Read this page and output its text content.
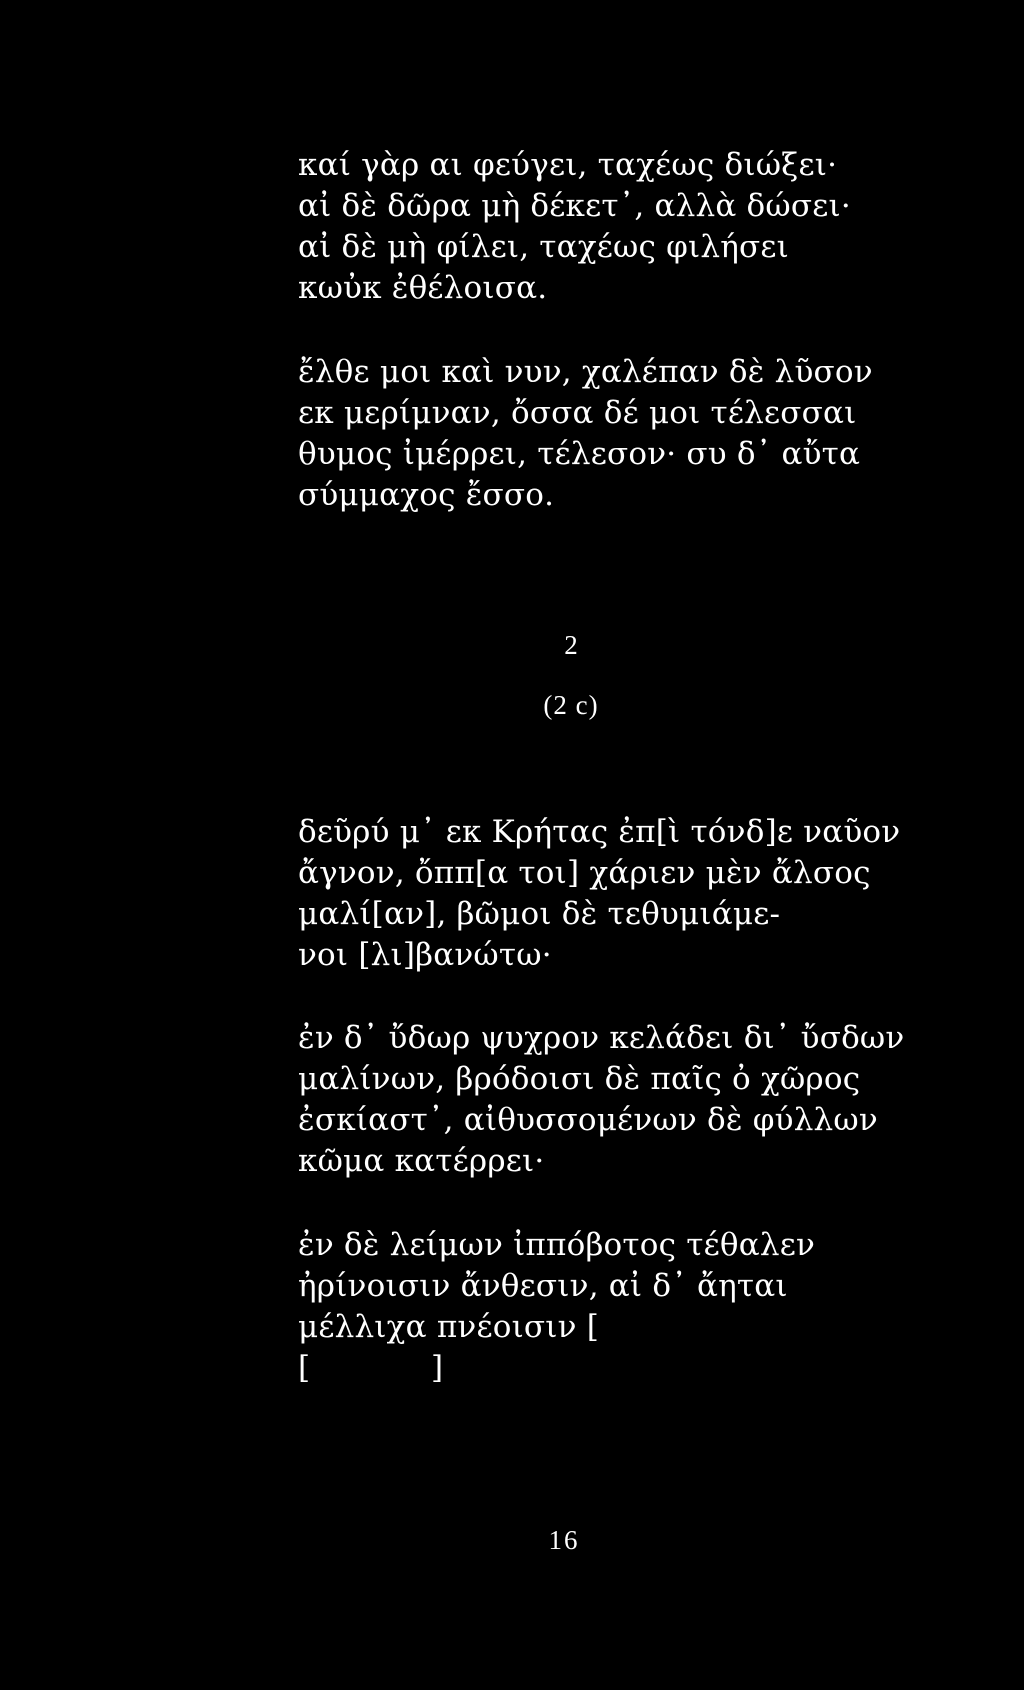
καί γὰρ αι φεύγει, ταχέως διώξει·
αἰ δὲ δῶρα μὴ δέκετ᾽, αλλὰ δώσει·
αἰ δὲ μὴ φίλει, ταχέως φιλήσει
κωὐκ ἐθέλοισα.
ἔλθε μοι καὶ νυν, χαλέπαν δὲ λῦσον
εκ μερίμναν, ὄσσα δέ μοι τέλεσσαι
θυμος ἰμέρρει, τέλεσον· συ δ᾽ αὔτα
σύμμαχος ἔσσο.
2
(2 c)
δεῦρύ μ᾽ εκ Κρήτας ἐπ[ὶ τόνδ]ε ναῦον
ἄγνον, ὄππ[α τοι] χάριεν μὲν ἄλσος
μαλί[αν], βῶμοι δὲ τεθυμιάμε-
νοι [λι]βανώτω·
ἐν δ᾽ ὔδωρ ψυχρον κελάδει δι᾽ ὔσδων
μαλίνων, βρόδοισι δὲ παῖς ὀ χῶρος
ἐσκίαστ᾽, αἰθυσσομένων δὲ φύλλων
κῶμα κατέρρει·
ἐν δὲ λείμων ἰππόβοτος τέθαλεν
ἠρίνοισιν ἄνθεσιν, αἰ δ᾽ ἄηται
μέλλιχα πνέοισιν [
[            ]
16
